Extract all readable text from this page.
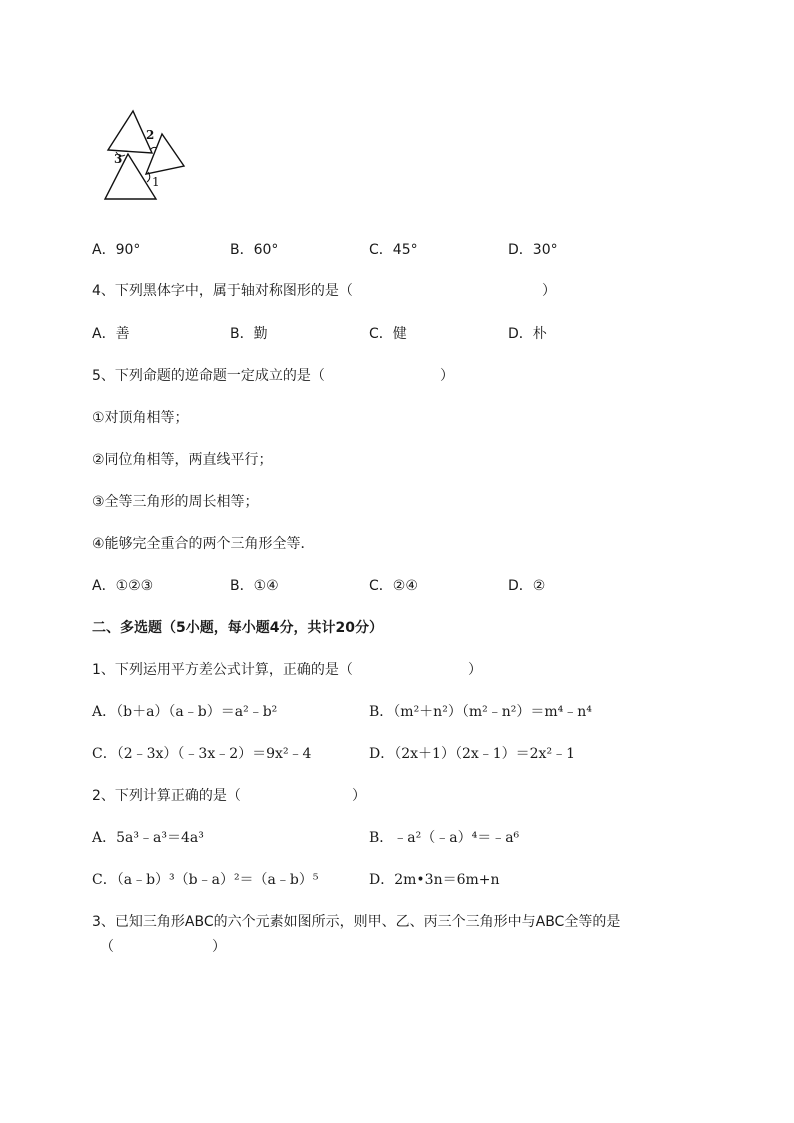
2
3
1
A．90°	B．60°	C．45°	D．30°
4、下列黑体字中，属于轴对称图形的是（	）
A．善	B．勤	C．健	D．朴
5、下列命题的逆命题一定成立的是（	）
①对顶角相等；
②同位角相等，两直线平行；
③全等三角形的周长相等；
④能够完全重合的两个三角形全等．
A．①②③	B．①④	C．②④	D．②
二、多选题（5小题，每小题4分，共计20分）
1、下列运用平方差公式计算，正确的是（	）
A．（b＋a）（a﹣b）＝a²﹣b²	B．（m²＋n²）（m²﹣n²）＝m⁴﹣n⁴
C．（2﹣3x）（﹣3x﹣2）＝9x²﹣4	D．（2x＋1）（2x﹣1）＝2x²﹣1
2、下列计算正确的是（	）
A．5a³﹣a³＝4a³	B．﹣a²（﹣a）⁴＝﹣a⁶
C．（a﹣b）³（b﹣a）²＝（a﹣b）⁵	D．2m•3n＝6m+n
3、已知三角形ABC的六个元素如图所示，则甲、乙、丙三个三角形中与ABC全等的是
（	）
